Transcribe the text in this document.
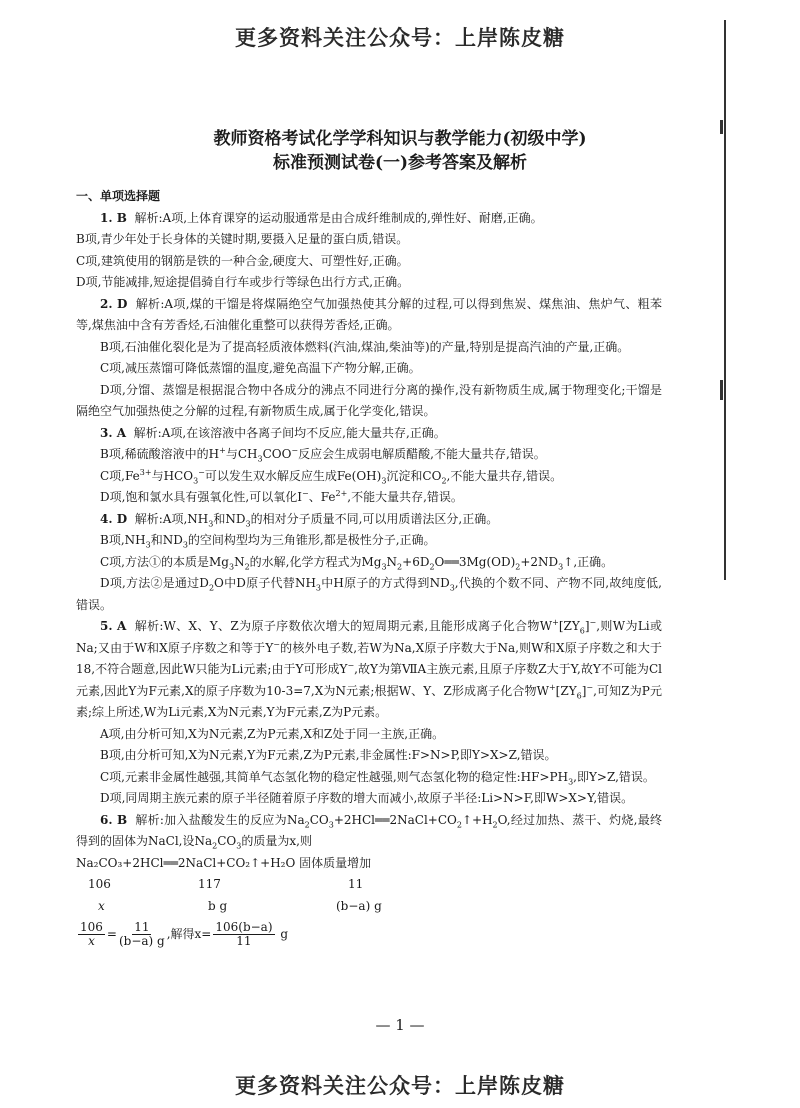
更多资料关注公众号：上岸陈皮糖
教师资格考试化学学科知识与教学能力(初级中学)
标准预测试卷(一)参考答案及解析

一、单项选择题

1. B 解析:A项,上体育课穿的运动服通常是由合成纤维制成的,弹性好、耐磨,正确。

B项,青少年处于长身体的关键时期,要摄入足量的蛋白质,错误。

C项,建筑使用的钢筋是铁的一种合金,硬度大、可塑性好,正确。

D项,节能减排,短途提倡骑自行车或步行等绿色出行方式,正确。

2. D 解析:A项,煤的干馏是将煤隔绝空气加强热使其分解的过程,可以得到焦炭、煤焦油、焦炉气、粗苯等,煤焦油中含有芳香烃,石油催化重整可以获得芳香烃,正确。

B项,石油催化裂化是为了提高轻质液体燃料(汽油,煤油,柴油等)的产量,特别是提高汽油的产量,正确。

C项,减压蒸馏可降低蒸馏的温度,避免高温下产物分解,正确。

D项,分馏、蒸馏是根据混合物中各成分的沸点不同进行分离的操作,没有新物质生成,属于物理变化;干馏是隔绝空气加强热使之分解的过程,有新物质生成,属于化学变化,错误。

3. A 解析:A项,在该溶液中各离子间均不反应,能大量共存,正确。

B项,稀硫酸溶液中的H+与$CH_3COO^-$反应会生成弱电解质醋酸,不能大量共存,错误。

C项$,Fe^{3+}$与$HCO_3^-$可以发生双水解反应生成$Fe(OH)_3$沉淀和$CO_2$,不能大量共存,错误。

D项,饱和氯水具有强氧化性,可以氧化I−、$Fe^{2+}$,不能大量共存,错误。

4. D 解析:A项$,NH_3$和$ND_3$的相对分子质量不同,可以用质谱法区分,正确。

B项$,NH_3$和$ND_3$的空间构型均为三角锥形,都是极性分子,正确。

C项,方法①的本质是$Mg_3N_2$的水解,化学方程式为$Mg_3N_2+6D_2O══3Mg(OD)_2+2ND_3↑$,正确。

D项,方法②是通过$D_2O$中D原子代替$NH_3$中H原子的方式得到$ND_3$,代换的个数不同、产物不同,故纯度低,错误。

5. A 解析:W、X、Y、Z为原子序数依次增大的短周期元素,且能形成离子化合物$W^+[ZY_6]^-$,则W为Li或Na;又由于W和X原子序数之和等于Y−的核外电子数,若W为Na,X原子序数大于Na,则W和X原子序数之和大于18,不符合题意,因此W只能为Li元素;由于Y可形成Y−,故Y为第ⅦA主族元素,且原子序数Z大于Y,故Y不可能为Cl元素,因此Y为F元素,X的原子序数为10-3=7,X为N元素;根据W、Y、Z形成离子化合物$W^+[ZY_6]^-$,可知Z为P元素;综上所述,W为Li元素,X为N元素,Y为F元素,Z为P元素。

A项,由分析可知,X为N元素,Z为P元素,X和Z处于同一主族,正确。

B项,由分析可知,X为N元素,Y为F元素,Z为P元素,非金属性:F>N>P,即Y>X>Z,错误。

C项,元素非金属性越强,其简单气态氢化物的稳定性越强,则气态氢化物的稳定性$:HF>PH_3$,即Y>Z,错误。

D项,同周期主族元素的原子半径随着原子序数的增大而减小,故原子半径:Li>N>F,即W>X>Y,错误。

6. B 解析:加入盐酸发生的反应为$Na_2CO_3+2HCl══2NaCl+CO_2↑+H_2O$,经过加热、蒸干、灼烧,最终得到的固体为NaCl,设$Na_2CO_3$的质量为x,则

Na₂CO₃+2HCl══2NaCl+CO₂↑+H₂O 固体质量增加

106	117	11

x	b g	(b−a) g

$\frac{106}{x} = \frac{11}{(b-a) g}$ ,解得$x= \frac{106(b-a)}{11}$ g

— 1 —
更多资料关注公众号：上岸陈皮糖
